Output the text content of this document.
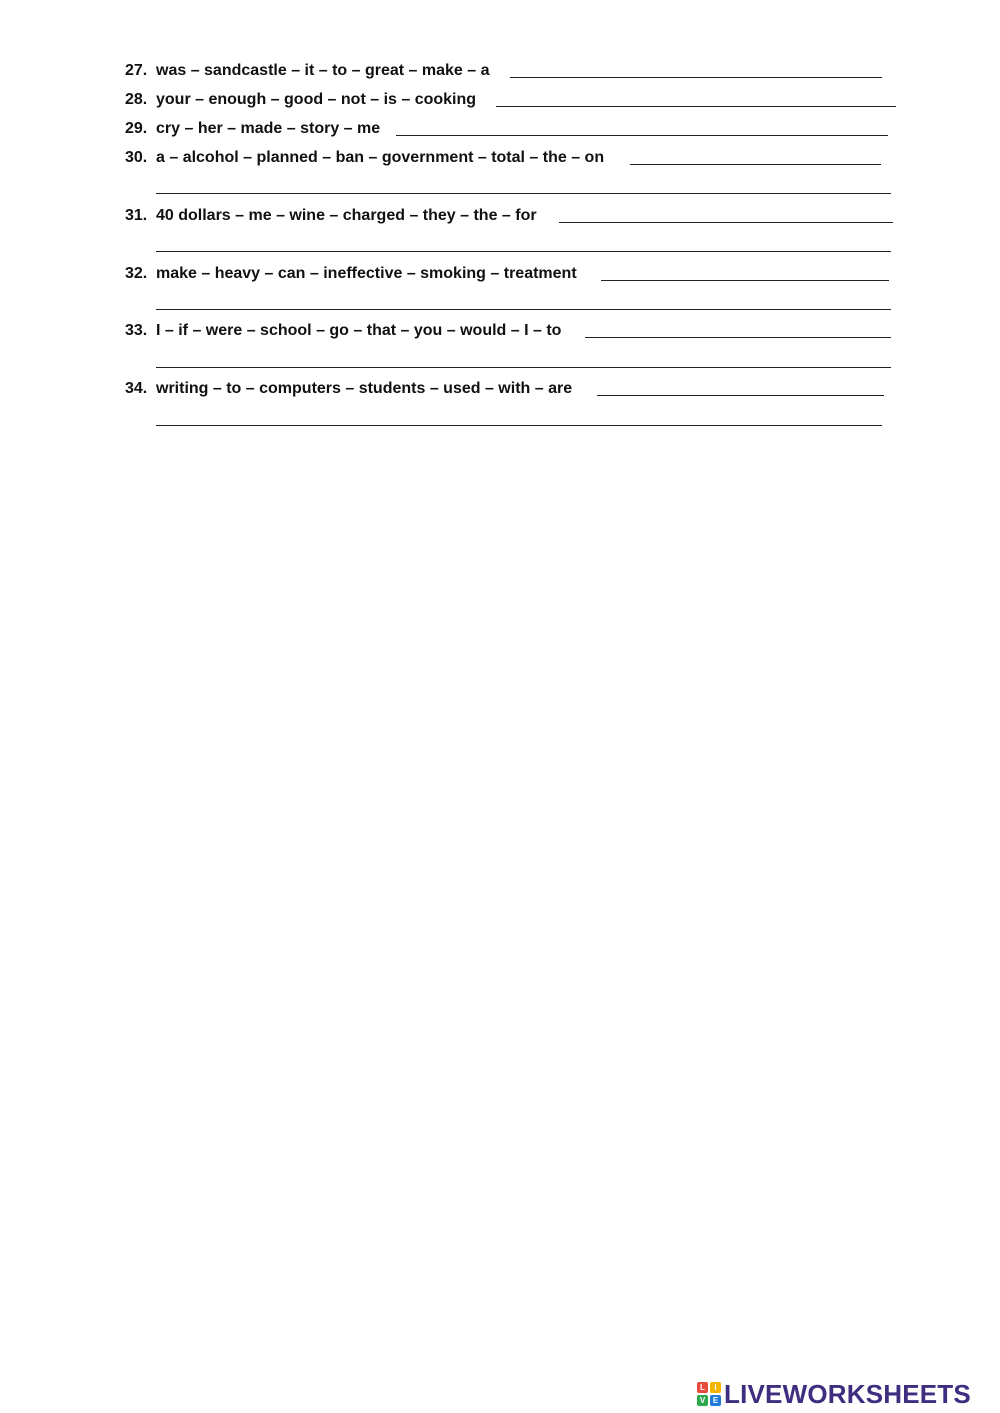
27. was – sandcastle – it – to – great – make – a
28. your – enough – good – not – is – cooking
29. cry – her – made – story – me
30. a – alcohol – planned – ban – government – total – the – on
31. 40 dollars – me – wine – charged – they – the – for
32. make – heavy – can – ineffective – smoking – treatment
33. I – if – were – school – go – that – you – would – I – to
34. writing – to – computers – students – used – with – are
L	I
V E LIVEWORKSHEETS
